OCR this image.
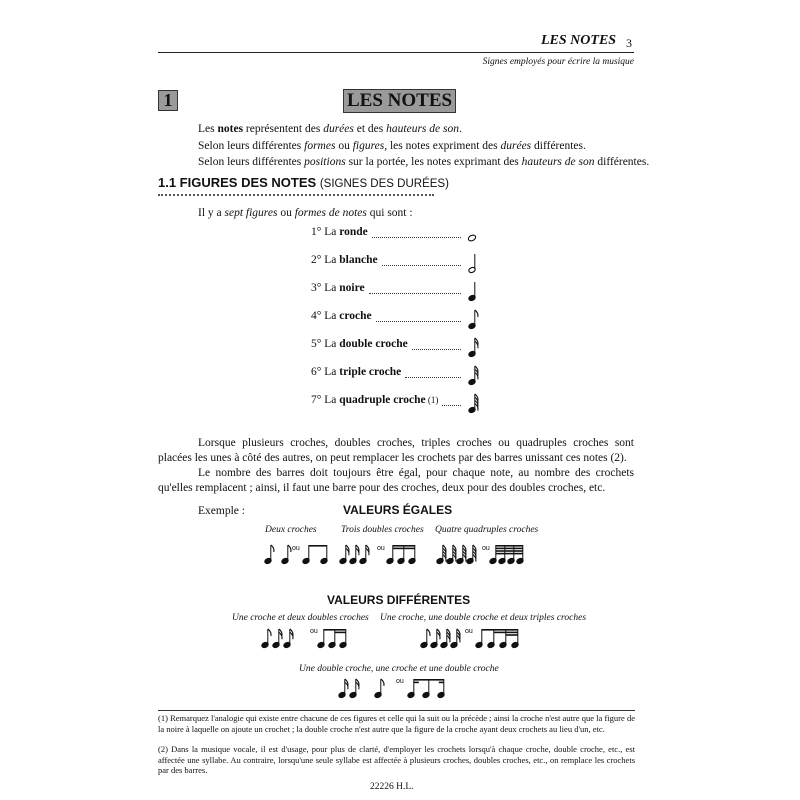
LES NOTES 3
Signes employés pour écrire la musique
1	LES NOTES
Les notes représentent des durées et des hauteurs de son.
Selon leurs différentes formes ou figures, les notes expriment des durées différentes.
Selon leurs différentes positions sur la portée, les notes exprimant des hauteurs de son différentes.
1.1 FIGURES DES NOTES (SIGNES DES DURÉES)
Il y a sept figures ou formes de notes qui sont :
1° La ronde
2° La blanche
3° La noire
4° La croche
5° La double croche
6° La triple croche
7° La quadruple croche (1)
Lorsque plusieurs croches, doubles croches, triples croches ou quadruples croches sont placées les unes à côté des autres, on peut remplacer les crochets par des barres unissant ces notes (2).
Le nombre des barres doit toujours être égal, pour chaque note, au nombre des crochets qu'elles remplacent ; ainsi, il faut une barre pour des croches, deux pour des doubles croches, etc.
Exemple :	VALEURS ÉGALES
Deux croches	Trois doubles croches Quatre quadruples croches
VALEURS DIFFÉRENTES
Une croche et deux doubles croches Une croche, une double croche et deux triples croches
Une double croche, une croche et une double croche
ou	ou	ou
ou	ou
ou
(1) Remarquez l'analogie qui existe entre chacune de ces figures et celle qui la suit ou la précède ; ainsi la croche n'est autre que la figure de la noire à laquelle on ajoute un crochet ; la double croche n'est autre que la figure de la croche ayant deux crochets au lieu d'un, etc.
(2) Dans la musique vocale, il est d'usage, pour plus de clarté, d'employer les crochets lorsqu'à chaque croche, double croche, etc., est affectée une syllabe. Au contraire, lorsqu'une seule syllabe est affectée à plusieurs croches, doubles croches, etc., on remplace les crochets par des barres.
22226 H.L.
